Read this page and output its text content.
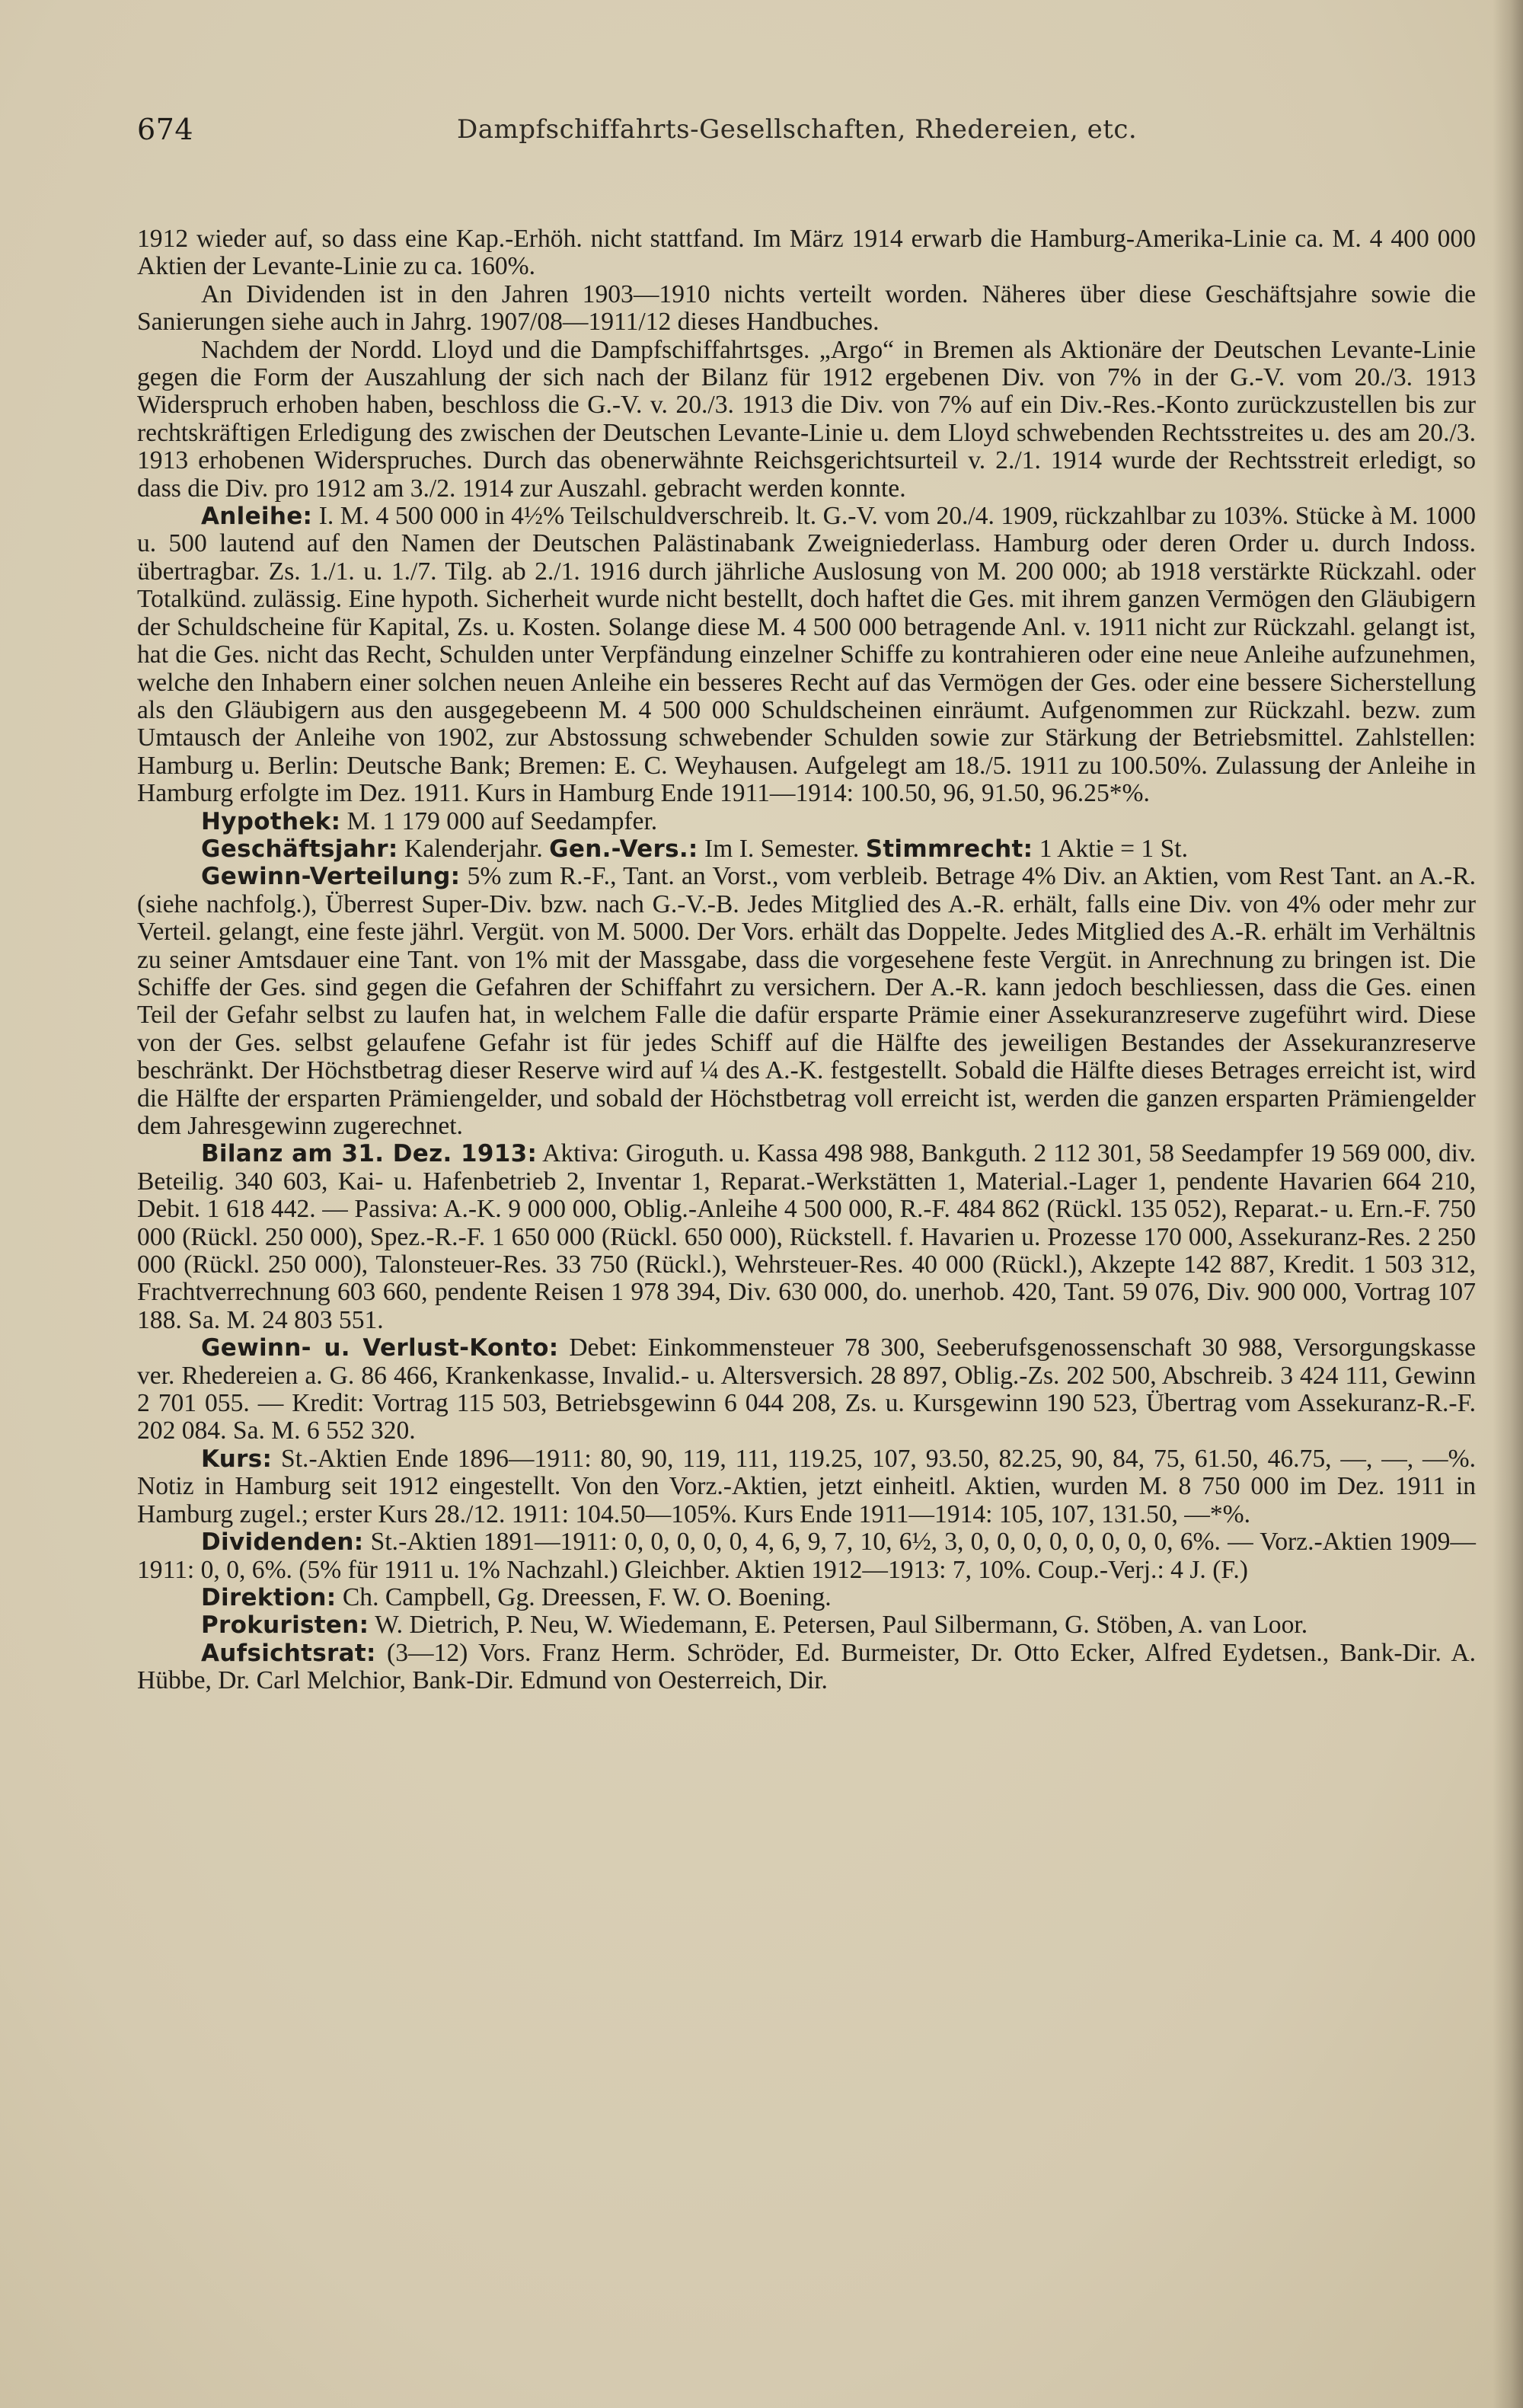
674	Dampfschiffahrts-Gesellschaften, Rhedereien, etc.

1912 wieder auf, so dass eine Kap.-Erhöh. nicht stattfand. Im März 1914 erwarb die Hamburg-Amerika-Linie ca. M. 4 400 000 Aktien der Levante-Linie zu ca. 160%.

An Dividenden ist in den Jahren 1903—1910 nichts verteilt worden. Näheres über diese Geschäftsjahre sowie die Sanierungen siehe auch in Jahrg. 1907/08—1911/12 dieses Handbuches.

Nachdem der Nordd. Lloyd und die Dampfschiffahrtsges. „Argo“ in Bremen als Aktionäre der Deutschen Levante-Linie gegen die Form der Auszahlung der sich nach der Bilanz für 1912 ergebenen Div. von 7% in der G.-V. vom 20./3. 1913 Widerspruch erhoben haben, beschloss die G.-V. v. 20./3. 1913 die Div. von 7% auf ein Div.-Res.-Konto zurückzustellen bis zur rechtskräftigen Erledigung des zwischen der Deutschen Levante-Linie u. dem Lloyd schwebenden Rechtsstreites u. des am 20./3. 1913 erhobenen Widerspruches. Durch das obenerwähnte Reichsgerichtsurteil v. 2./1. 1914 wurde der Rechtsstreit erledigt, so dass die Div. pro 1912 am 3./2. 1914 zur Auszahl. gebracht werden konnte.

Anleihe: I. M. 4 500 000 in 4½% Teilschuldverschreib. lt. G.-V. vom 20./4. 1909, rückzahlbar zu 103%. Stücke à M. 1000 u. 500 lautend auf den Namen der Deutschen Palästinabank Zweigniederlass. Hamburg oder deren Order u. durch Indoss. übertragbar. Zs. 1./1. u. 1./7. Tilg. ab 2./1. 1916 durch jährliche Auslosung von M. 200 000; ab 1918 verstärkte Rückzahl. oder Totalkünd. zulässig. Eine hypoth. Sicherheit wurde nicht bestellt, doch haftet die Ges. mit ihrem ganzen Vermögen den Gläubigern der Schuldscheine für Kapital, Zs. u. Kosten. Solange diese M. 4 500 000 betragende Anl. v. 1911 nicht zur Rückzahl. gelangt ist, hat die Ges. nicht das Recht, Schulden unter Verpfändung einzelner Schiffe zu kontrahieren oder eine neue Anleihe aufzunehmen, welche den Inhabern einer solchen neuen Anleihe ein besseres Recht auf das Vermögen der Ges. oder eine bessere Sicherstellung als den Gläubigern aus den ausgegebeenn M. 4 500 000 Schuldscheinen einräumt. Aufgenommen zur Rückzahl. bezw. zum Umtausch der Anleihe von 1902, zur Abstossung schwebender Schulden sowie zur Stärkung der Betriebsmittel. Zahlstellen: Hamburg u. Berlin: Deutsche Bank; Bremen: E. C. Weyhausen. Aufgelegt am 18./5. 1911 zu 100.50%. Zulassung der Anleihe in Hamburg erfolgte im Dez. 1911. Kurs in Hamburg Ende 1911—1914: 100.50, 96, 91.50, 96.25*%.

Hypothek: M. 1 179 000 auf Seedampfer.

Geschäftsjahr: Kalenderjahr. Gen.-Vers.: Im I. Semester. Stimmrecht: 1 Aktie = 1 St.

Gewinn-Verteilung: 5% zum R.-F., Tant. an Vorst., vom verbleib. Betrage 4% Div. an Aktien, vom Rest Tant. an A.-R. (siehe nachfolg.), Überrest Super-Div. bzw. nach G.-V.-B. Jedes Mitglied des A.-R. erhält, falls eine Div. von 4% oder mehr zur Verteil. gelangt, eine feste jährl. Vergüt. von M. 5000. Der Vors. erhält das Doppelte. Jedes Mitglied des A.-R. erhält im Verhältnis zu seiner Amtsdauer eine Tant. von 1% mit der Massgabe, dass die vorgesehene feste Vergüt. in Anrechnung zu bringen ist. Die Schiffe der Ges. sind gegen die Gefahren der Schiffahrt zu versichern. Der A.-R. kann jedoch beschliessen, dass die Ges. einen Teil der Gefahr selbst zu laufen hat, in welchem Falle die dafür ersparte Prämie einer Assekuranzreserve zugeführt wird. Diese von der Ges. selbst gelaufene Gefahr ist für jedes Schiff auf die Hälfte des jeweiligen Bestandes der Assekuranzreserve beschränkt. Der Höchstbetrag dieser Reserve wird auf ¼ des A.-K. festgestellt. Sobald die Hälfte dieses Betrages erreicht ist, wird die Hälfte der ersparten Prämiengelder, und sobald der Höchstbetrag voll erreicht ist, werden die ganzen ersparten Prämiengelder dem Jahresgewinn zugerechnet.

Bilanz am 31. Dez. 1913: Aktiva: Giroguth. u. Kassa 498 988, Bankguth. 2 112 301, 58 Seedampfer 19 569 000, div. Beteilig. 340 603, Kai- u. Hafenbetrieb 2, Inventar 1, Reparat.-Werkstätten 1, Material.-Lager 1, pendente Havarien 664 210, Debit. 1 618 442. — Passiva: A.-K. 9 000 000, Oblig.-Anleihe 4 500 000, R.-F. 484 862 (Rückl. 135 052), Reparat.- u. Ern.-F. 750 000 (Rückl. 250 000), Spez.-R.-F. 1 650 000 (Rückl. 650 000), Rückstell. f. Havarien u. Prozesse 170 000, Assekuranz-Res. 2 250 000 (Rückl. 250 000), Talonsteuer-Res. 33 750 (Rückl.), Wehrsteuer-Res. 40 000 (Rückl.), Akzepte 142 887, Kredit. 1 503 312, Frachtverrechnung 603 660, pendente Reisen 1 978 394, Div. 630 000, do. unerhob. 420, Tant. 59 076, Div. 900 000, Vortrag 107 188. Sa. M. 24 803 551.

Gewinn- u. Verlust-Konto: Debet: Einkommensteuer 78 300, Seeberufsgenossenschaft 30 988, Versorgungskasse ver. Rhedereien a. G. 86 466, Krankenkasse, Invalid.- u. Altersversich. 28 897, Oblig.-Zs. 202 500, Abschreib. 3 424 111, Gewinn 2 701 055. — Kredit: Vortrag 115 503, Betriebsgewinn 6 044 208, Zs. u. Kursgewinn 190 523, Übertrag vom Assekuranz-R.-F. 202 084. Sa. M. 6 552 320.

Kurs: St.-Aktien Ende 1896—1911: 80, 90, 119, 111, 119.25, 107, 93.50, 82.25, 90, 84, 75, 61.50, 46.75, —, —, —%. Notiz in Hamburg seit 1912 eingestellt. Von den Vorz.-Aktien, jetzt einheitl. Aktien, wurden M. 8 750 000 im Dez. 1911 in Hamburg zugel.; erster Kurs 28./12. 1911: 104.50—105%. Kurs Ende 1911—1914: 105, 107, 131.50, —*%.

Dividenden: St.-Aktien 1891—1911: 0, 0, 0, 0, 0, 4, 6, 9, 7, 10, 6½, 3, 0, 0, 0, 0, 0, 0, 0, 0, 6%. — Vorz.-Aktien 1909—1911: 0, 0, 6%. (5% für 1911 u. 1% Nachzahl.) Gleichber. Aktien 1912—1913: 7, 10%. Coup.-Verj.: 4 J. (F.)

Direktion: Ch. Campbell, Gg. Dreessen, F. W. O. Boening.

Prokuristen: W. Dietrich, P. Neu, W. Wiedemann, E. Petersen, Paul Silbermann, G. Stöben, A. van Loor.

Aufsichtsrat: (3—12) Vors. Franz Herm. Schröder, Ed. Burmeister, Dr. Otto Ecker, Alfred Eydetsen., Bank-Dir. A. Hübbe, Dr. Carl Melchior, Bank-Dir. Edmund von Oesterreich, Dir.
